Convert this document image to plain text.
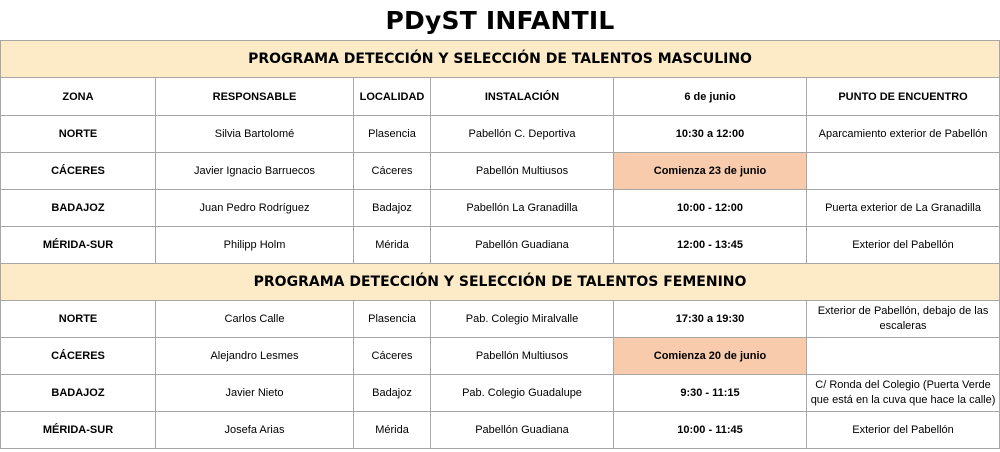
PDyST INFANTIL
PROGRAMA DETECCIÓN Y SELECCIÓN DE TALENTOS MASCULINO					
ZONA	RESPONSABLE	LOCALIDAD	INSTALACIÓN	6 de junio	PUNTO DE ENCUENTRO
NORTE	Silvia Bartolomé	Plasencia	Pabellón C. Deportiva	10:30 a 12:00	Aparcamiento exterior de Pabellón
CÁCERES	Javier Ignacio Barruecos	Cáceres	Pabellón Multiusos	Comienza 23 de junio	
BADAJOZ	Juan Pedro Rodríguez	Badajoz	Pabellón La Granadilla	10:00 - 12:00	Puerta exterior de La Granadilla
MÉRIDA-SUR	Philipp Holm	Mérida	Pabellón Guadiana	12:00 - 13:45	Exterior del Pabellón
PROGRAMA DETECCIÓN Y SELECCIÓN DE TALENTOS FEMENINO					
NORTE	Carlos Calle	Plasencia	Pab. Colegio Miralvalle	17:30 a 19:30	Exterior de Pabellón, debajo de las escaleras
CÁCERES	Alejandro Lesmes	Cáceres	Pabellón Multiusos	Comienza 20 de junio	
BADAJOZ	Javier Nieto	Badajoz	Pab. Colegio Guadalupe	9:30 - 11:15	C/ Ronda del Colegio (Puerta Verde que está en la cuva que hace la calle)
MÉRIDA-SUR	Josefa Arias	Mérida	Pabellón Guadiana	10:00 - 11:45	Exterior del Pabellón
